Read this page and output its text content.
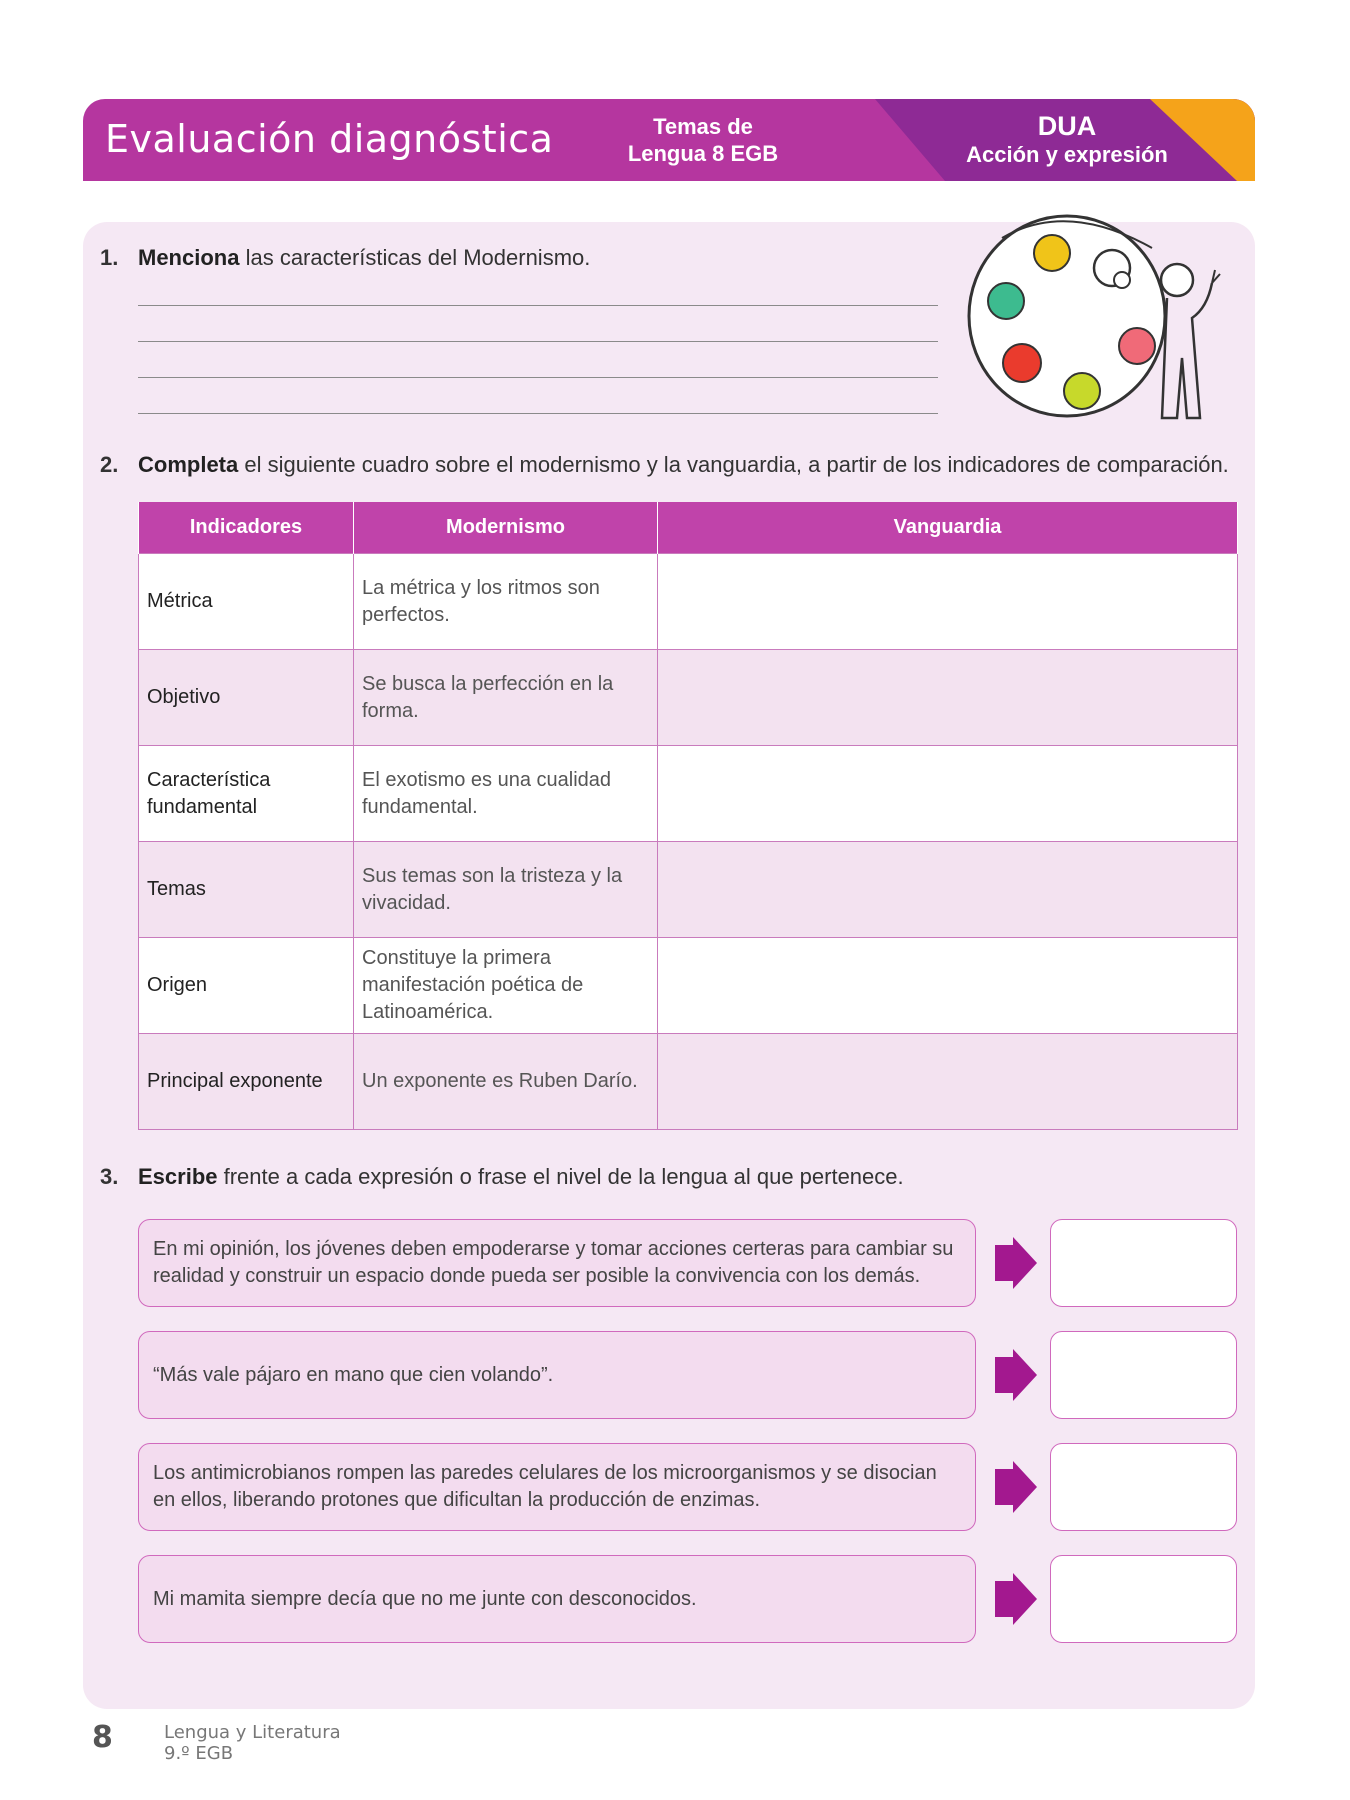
Evaluación diagnóstica	Temas de
Lengua 8 EGB
DUA
Acción y expresión
1. Menciona las características del Modernismo.
2. Completa el siguiente cuadro sobre el modernismo y la vanguardia, a partir de los indicadores de comparación.
Indicadores	Modernismo	Vanguardia
Métrica	La métrica y los ritmos son perfectos.	
Objetivo	Se busca la perfección en la forma.	
Característica fundamental	El exotismo es una cualidad fundamental.	
Temas	Sus temas son la tristeza y la vivacidad.	
Origen	Constituye la primera manifestación poética de Latinoamérica.	
Principal exponente	Un exponente es Ruben Darío.	
3. Escribe frente a cada expresión o frase el nivel de la lengua al que pertenece.
En mi opinión, los jóvenes deben empoderarse y tomar acciones certeras para cambiar su realidad y construir un espacio donde pueda ser posible la convivencia con los demás.
“Más vale pájaro en mano que cien volando”.
Los antimicrobianos rompen las paredes celulares de los microorganismos y se disocian en ellos, liberando protones que dificultan la producción de enzimas.
Mi mamita siempre decía que no me junte con desconocidos.
8	Lengua y Literatura
9.º EGB
